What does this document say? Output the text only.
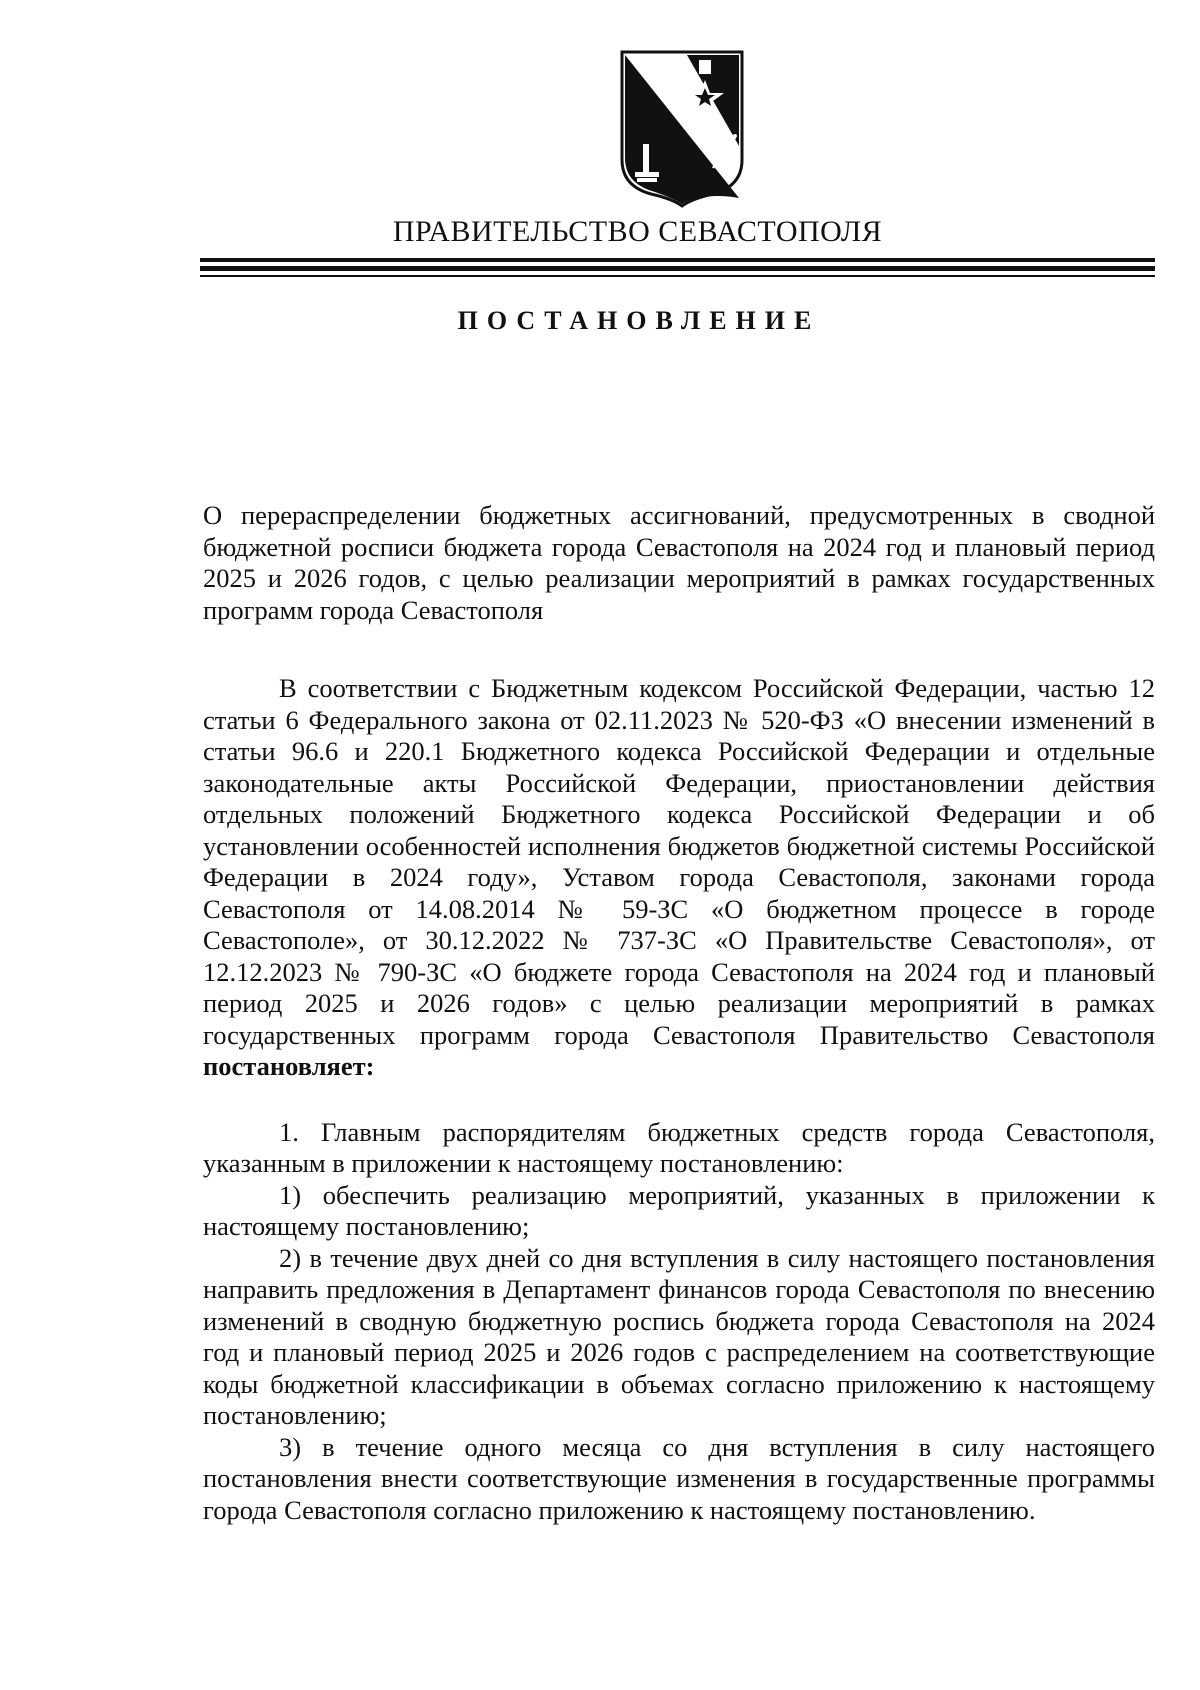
ПРАВИТЕЛЬСТВО СЕВАСТОПОЛЯ
ПОСТАНОВЛЕНИЕ
О перераспределении бюджетных ассигнований, предусмотренных в сводной бюджетной росписи бюджета города Севастополя на 2024 год и плановый период 2025 и 2026 годов, с целью реализации мероприятий в рамках государственных программ города Севастополя

В соответствии с Бюджетным кодексом Российской Федерации, частью 12 статьи 6 Федерального закона от 02.11.2023 № 520-ФЗ «О внесении изменений в статьи 96.6 и 220.1 Бюджетного кодекса Российской Федерации и отдельные законодательные акты Российской Федерации, приостановлении действия отдельных положений Бюджетного кодекса Российской Федерации и об установлении особенностей исполнения бюджетов бюджетной системы Российской Федерации в 2024 году», Уставом города Севастополя, законами города Севастополя от 14.08.2014 № 59-ЗС «О бюджетном процессе в городе Севастополе», от 30.12.2022 № 737-ЗС «О Правительстве Севастополя», от 12.12.2023 № 790-ЗС «О бюджете города Севастополя на 2024 год и плановый период 2025 и 2026 годов» с целью реализации мероприятий в рамках государственных программ города Севастополя Правительство Севастополя постановляет:

1. Главным распорядителям бюджетных средств города Севастополя, указанным в приложении к настоящему постановлению:

1) обеспечить реализацию мероприятий, указанных в приложении к настоящему постановлению;

2) в течение двух дней со дня вступления в силу настоящего постановления направить предложения в Департамент финансов города Севастополя по внесению изменений в сводную бюджетную роспись бюджета города Севастополя на 2024 год и плановый период 2025 и 2026 годов с распределением на соответствующие коды бюджетной классификации в объемах согласно приложению к настоящему постановлению;

3) в течение одного месяца со дня вступления в силу настоящего постановления внести соответствующие изменения в государственные программы города Севастополя согласно приложению к настоящему постановлению.
